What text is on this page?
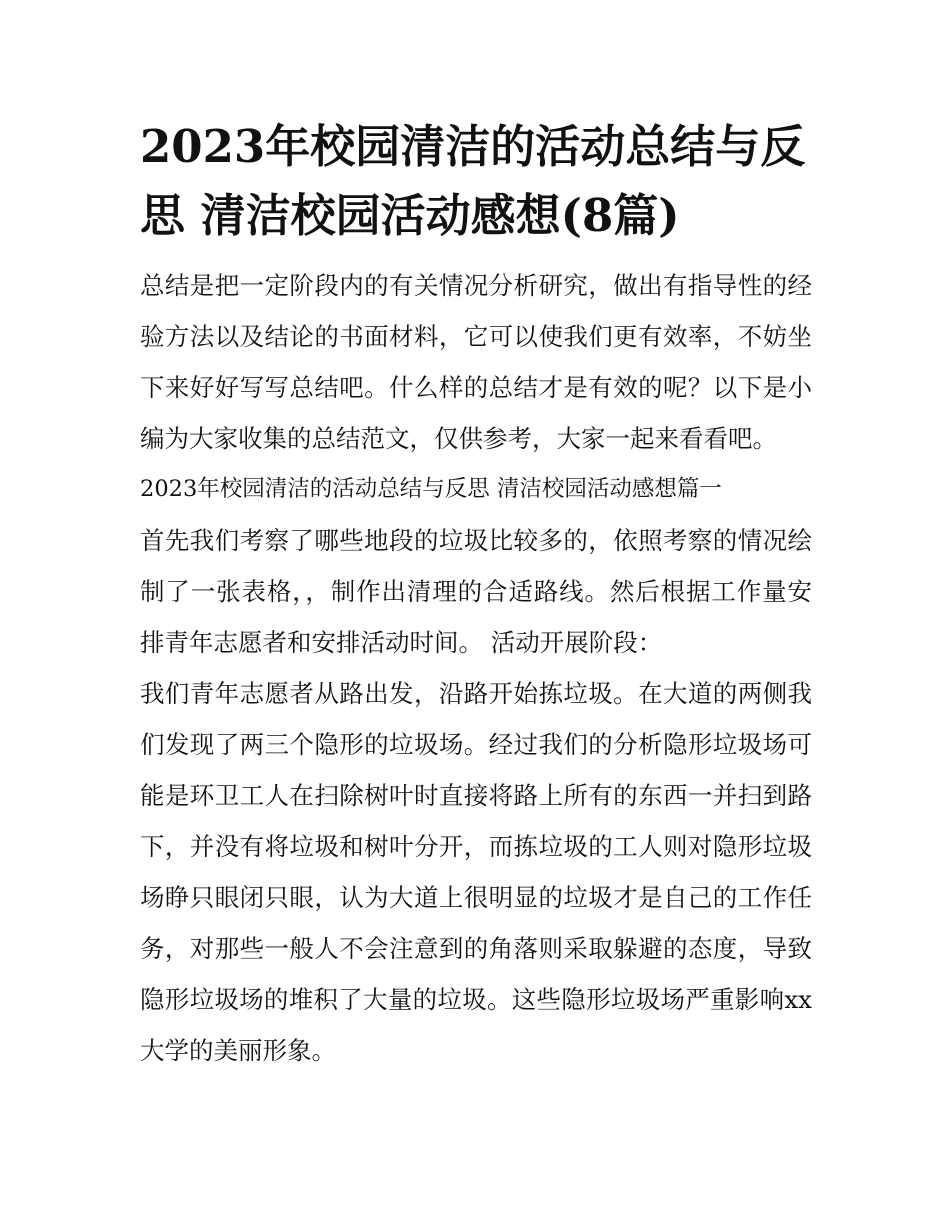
2023年校园清洁的活动总结与反思 清洁校园活动感想(8篇)

总结是把一定阶段内的有关情况分析研究，做出有指导性的经验方法以及结论的书面材料，它可以使我们更有效率，不妨坐下来好好写写总结吧。什么样的总结才是有效的呢？以下是小编为大家收集的总结范文，仅供参考，大家一起来看看吧。

2023年校园清洁的活动总结与反思 清洁校园活动感想篇一

首先我们考察了哪些地段的垃圾比较多的，依照考察的情况绘制了一张表格，，制作出清理的合适路线。然后根据工作量安排青年志愿者和安排活动时间。 活动开展阶段：

我们青年志愿者从路出发，沿路开始拣垃圾。在大道的两侧我们发现了两三个隐形的垃圾场。经过我们的分析隐形垃圾场可能是环卫工人在扫除树叶时直接将路上所有的东西一并扫到路下，并没有将垃圾和树叶分开，而拣垃圾的工人则对隐形垃圾场睁只眼闭只眼，认为大道上很明显的垃圾才是自己的工作任务，对那些一般人不会注意到的角落则采取躲避的态度，导致隐形垃圾场的堆积了大量的垃圾。这些隐形垃圾场严重影响xx大学的美丽形象。
